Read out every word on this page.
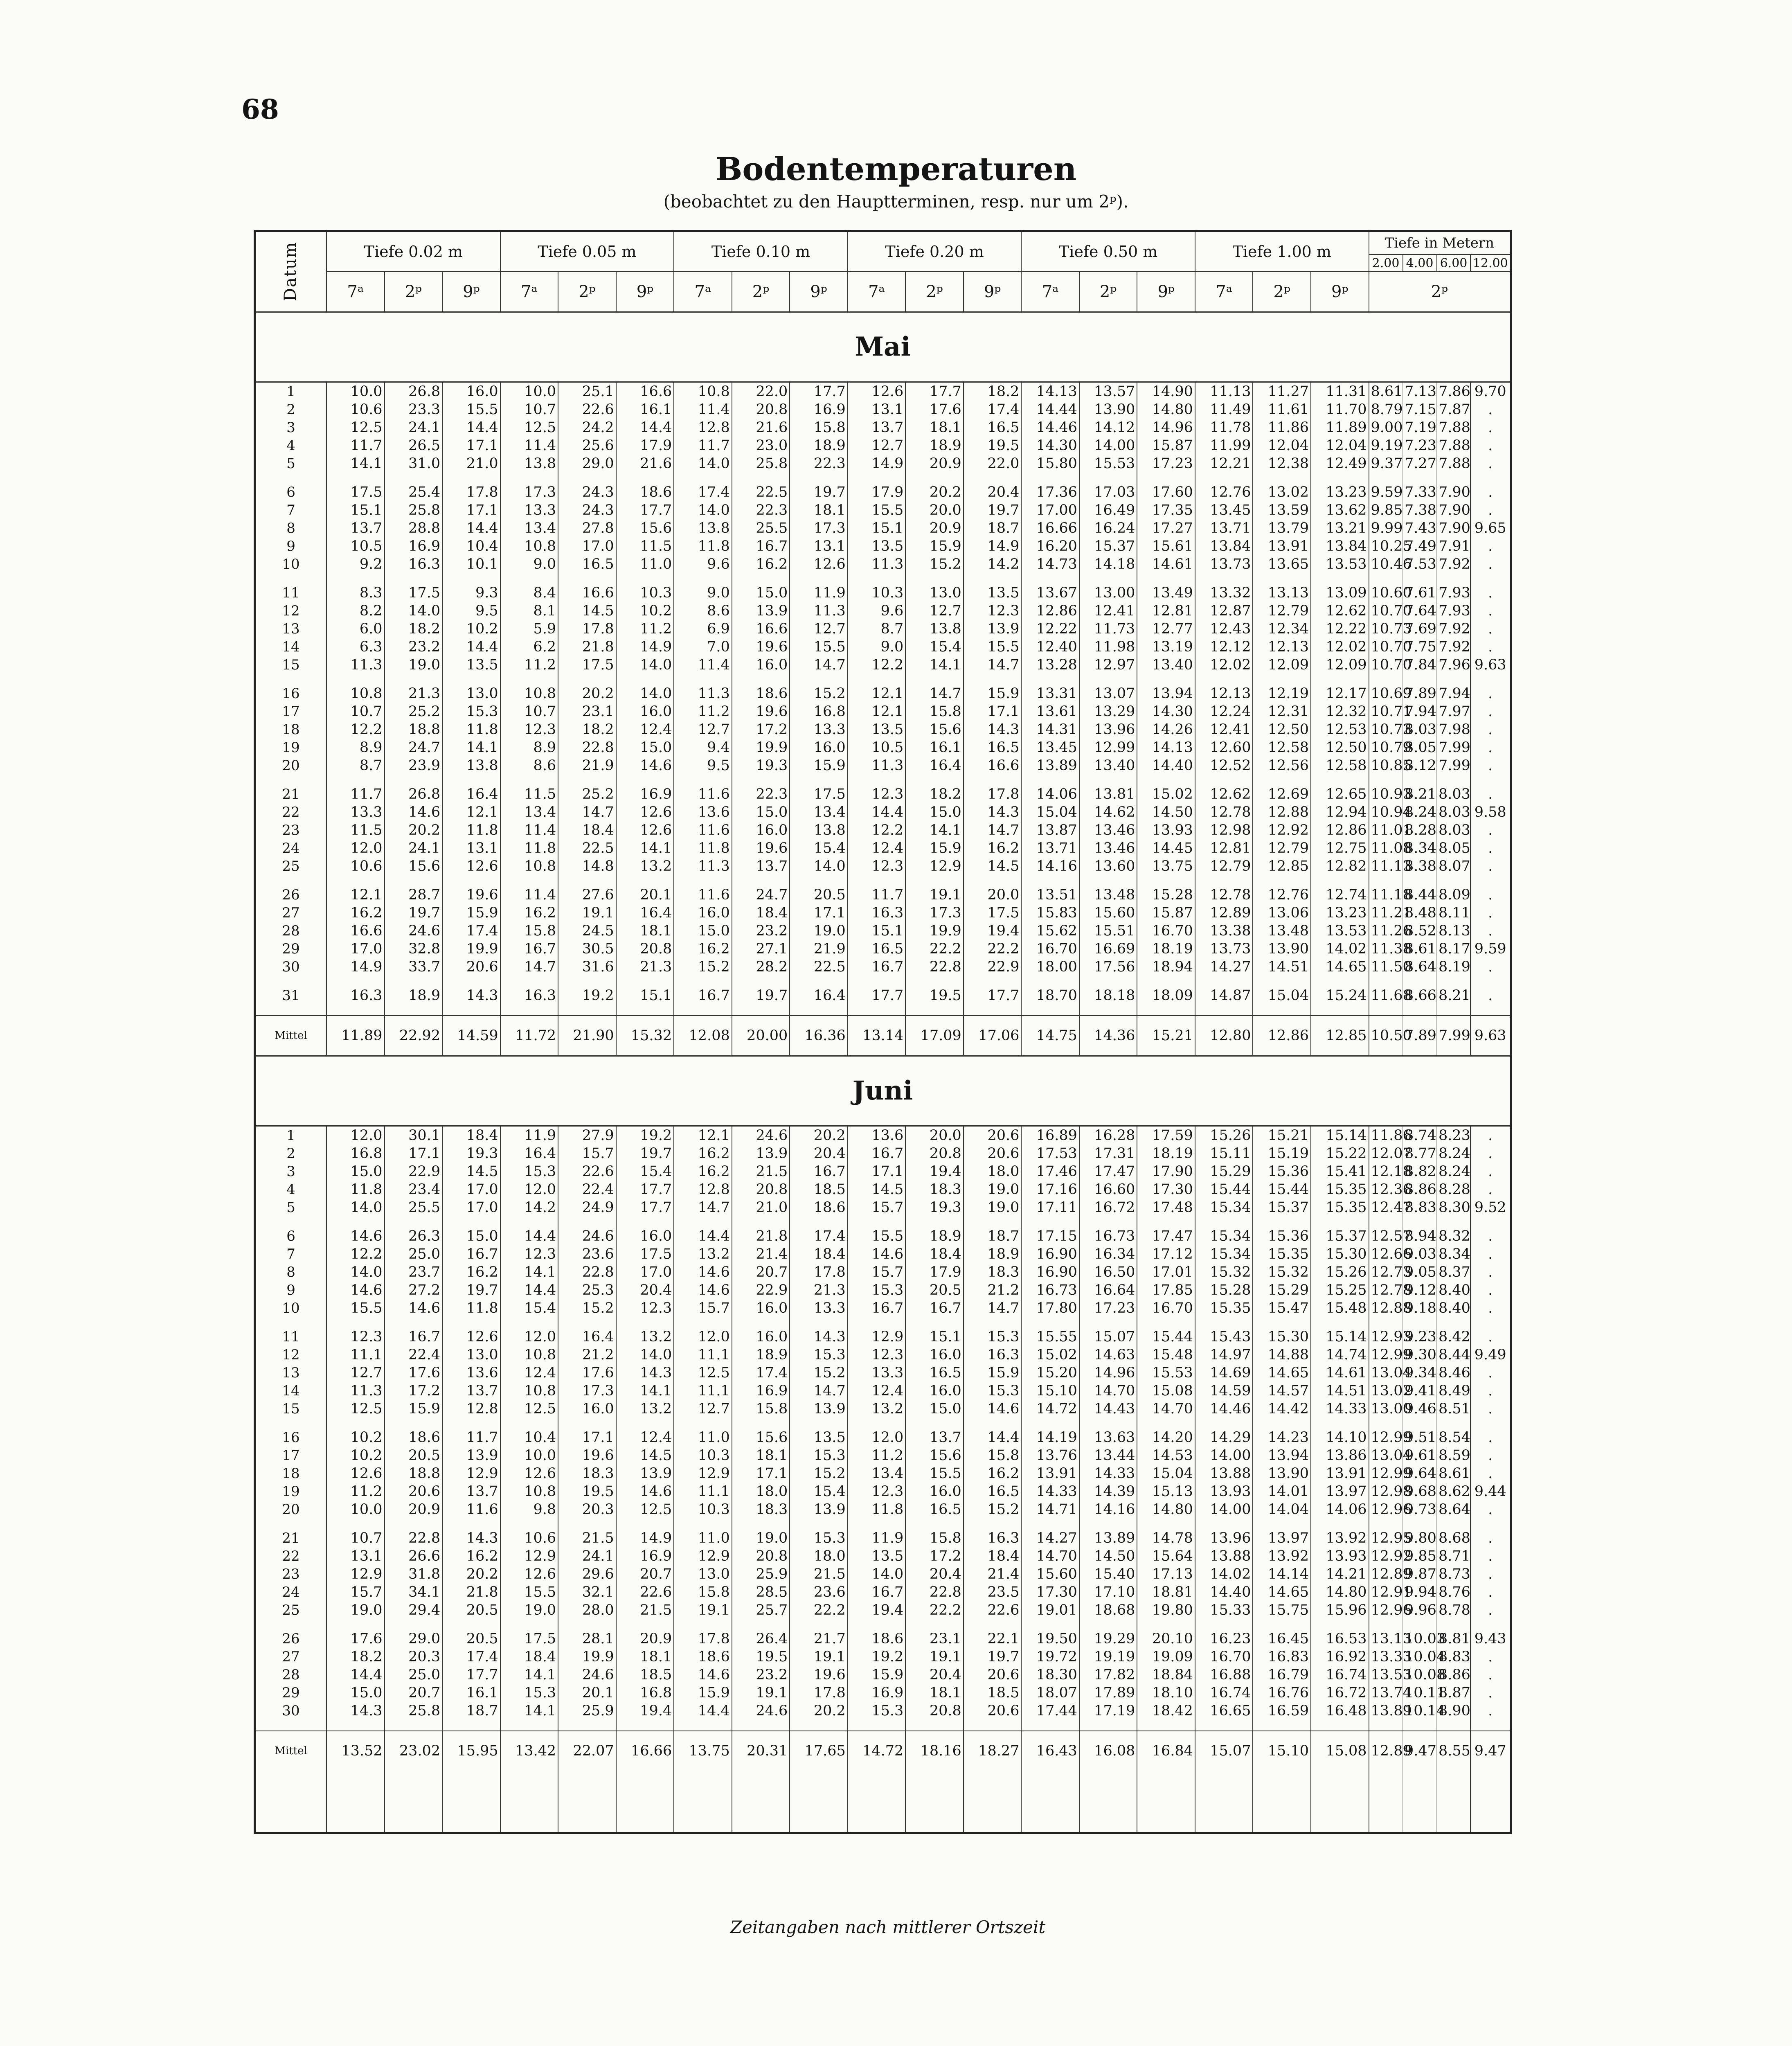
68
Bodentemperaturen
(beobachtet zu den Hauptterminen, resp. nur um 2ᵖ).
Datum	Tiefe 0.02 m			Tiefe 0.05 m			Tiefe 0.10 m			Tiefe 0.20 m			Tiefe 0.50 m			Tiefe 1.00 m			Tiefe in Metern			
																			2.00	4.00	6.00	12.00
	7ᵃ	2ᵖ	9ᵖ	7ᵃ	2ᵖ	9ᵖ	7ᵃ	2ᵖ	9ᵖ	7ᵃ	2ᵖ	9ᵖ	7ᵃ	2ᵖ	9ᵖ	7ᵃ	2ᵖ	9ᵖ	2ᵖ			
Mai																						
1	10.0	26.8	16.0	10.0	25.1	16.6	10.8	22.0	17.7	12.6	17.7	18.2	14.13	13.57	14.90	11.13	11.27	11.31	8.61	7.13	7.86	9.70
2	10.6	23.3	15.5	10.7	22.6	16.1	11.4	20.8	16.9	13.1	17.6	17.4	14.44	13.90	14.80	11.49	11.61	11.70	8.79	7.15	7.87	.
3	12.5	24.1	14.4	12.5	24.2	14.4	12.8	21.6	15.8	13.7	18.1	16.5	14.46	14.12	14.96	11.78	11.86	11.89	9.00	7.19	7.88	.
4	11.7	26.5	17.1	11.4	25.6	17.9	11.7	23.0	18.9	12.7	18.9	19.5	14.30	14.00	15.87	11.99	12.04	12.04	9.19	7.23	7.88	.
5	14.1	31.0	21.0	13.8	29.0	21.6	14.0	25.8	22.3	14.9	20.9	22.0	15.80	15.53	17.23	12.21	12.38	12.49	9.37	7.27	7.88	.

6	17.5	25.4	17.8	17.3	24.3	18.6	17.4	22.5	19.7	17.9	20.2	20.4	17.36	17.03	17.60	12.76	13.02	13.23	9.59	7.33	7.90	.
7	15.1	25.8	17.1	13.3	24.3	17.7	14.0	22.3	18.1	15.5	20.0	19.7	17.00	16.49	17.35	13.45	13.59	13.62	9.85	7.38	7.90	.
8	13.7	28.8	14.4	13.4	27.8	15.6	13.8	25.5	17.3	15.1	20.9	18.7	16.66	16.24	17.27	13.71	13.79	13.21	9.99	7.43	7.90	9.65
9	10.5	16.9	10.4	10.8	17.0	11.5	11.8	16.7	13.1	13.5	15.9	14.9	16.20	15.37	15.61	13.84	13.91	13.84	10.25	7.49	7.91	.
10	9.2	16.3	10.1	9.0	16.5	11.0	9.6	16.2	12.6	11.3	15.2	14.2	14.73	14.18	14.61	13.73	13.65	13.53	10.46	7.53	7.92	.

11	8.3	17.5	9.3	8.4	16.6	10.3	9.0	15.0	11.9	10.3	13.0	13.5	13.67	13.00	13.49	13.32	13.13	13.09	10.60	7.61	7.93	.
12	8.2	14.0	9.5	8.1	14.5	10.2	8.6	13.9	11.3	9.6	12.7	12.3	12.86	12.41	12.81	12.87	12.79	12.62	10.70	7.64	7.93	.
13	6.0	18.2	10.2	5.9	17.8	11.2	6.9	16.6	12.7	8.7	13.8	13.9	12.22	11.73	12.77	12.43	12.34	12.22	10.73	7.69	7.92	.
14	6.3	23.2	14.4	6.2	21.8	14.9	7.0	19.6	15.5	9.0	15.4	15.5	12.40	11.98	13.19	12.12	12.13	12.02	10.70	7.75	7.92	.
15	11.3	19.0	13.5	11.2	17.5	14.0	11.4	16.0	14.7	12.2	14.1	14.7	13.28	12.97	13.40	12.02	12.09	12.09	10.70	7.84	7.96	9.63

16	10.8	21.3	13.0	10.8	20.2	14.0	11.3	18.6	15.2	12.1	14.7	15.9	13.31	13.07	13.94	12.13	12.19	12.17	10.69	7.89	7.94	.
17	10.7	25.2	15.3	10.7	23.1	16.0	11.2	19.6	16.8	12.1	15.8	17.1	13.61	13.29	14.30	12.24	12.31	12.32	10.71	7.94	7.97	.
18	12.2	18.8	11.8	12.3	18.2	12.4	12.7	17.2	13.3	13.5	15.6	14.3	14.31	13.96	14.26	12.41	12.50	12.53	10.73	8.03	7.98	.
19	8.9	24.7	14.1	8.9	22.8	15.0	9.4	19.9	16.0	10.5	16.1	16.5	13.45	12.99	14.13	12.60	12.58	12.50	10.79	8.05	7.99	.
20	8.7	23.9	13.8	8.6	21.9	14.6	9.5	19.3	15.9	11.3	16.4	16.6	13.89	13.40	14.40	12.52	12.56	12.58	10.85	8.12	7.99	.

21	11.7	26.8	16.4	11.5	25.2	16.9	11.6	22.3	17.5	12.3	18.2	17.8	14.06	13.81	15.02	12.62	12.69	12.65	10.93	8.21	8.03	.
22	13.3	14.6	12.1	13.4	14.7	12.6	13.6	15.0	13.4	14.4	15.0	14.3	15.04	14.62	14.50	12.78	12.88	12.94	10.94	8.24	8.03	9.58
23	11.5	20.2	11.8	11.4	18.4	12.6	11.6	16.0	13.8	12.2	14.1	14.7	13.87	13.46	13.93	12.98	12.92	12.86	11.01	8.28	8.03	.
24	12.0	24.1	13.1	11.8	22.5	14.1	11.8	19.6	15.4	12.4	15.9	16.2	13.71	13.46	14.45	12.81	12.79	12.75	11.08	8.34	8.05	.
25	10.6	15.6	12.6	10.8	14.8	13.2	11.3	13.7	14.0	12.3	12.9	14.5	14.16	13.60	13.75	12.79	12.85	12.82	11.13	8.38	8.07	.

26	12.1	28.7	19.6	11.4	27.6	20.1	11.6	24.7	20.5	11.7	19.1	20.0	13.51	13.48	15.28	12.78	12.76	12.74	11.18	8.44	8.09	.
27	16.2	19.7	15.9	16.2	19.1	16.4	16.0	18.4	17.1	16.3	17.3	17.5	15.83	15.60	15.87	12.89	13.06	13.23	11.21	8.48	8.11	.
28	16.6	24.6	17.4	15.8	24.5	18.1	15.0	23.2	19.0	15.1	19.9	19.4	15.62	15.51	16.70	13.38	13.48	13.53	11.26	8.52	8.13	.
29	17.0	32.8	19.9	16.7	30.5	20.8	16.2	27.1	21.9	16.5	22.2	22.2	16.70	16.69	18.19	13.73	13.90	14.02	11.38	8.61	8.17	9.59
30	14.9	33.7	20.6	14.7	31.6	21.3	15.2	28.2	22.5	16.7	22.8	22.9	18.00	17.56	18.94	14.27	14.51	14.65	11.50	8.64	8.19	.

31	16.3	18.9	14.3	16.3	19.2	15.1	16.7	19.7	16.4	17.7	19.5	17.7	18.70	18.18	18.09	14.87	15.04	15.24	11.68	8.66	8.21	.

Mittel	11.89	22.92	14.59	11.72	21.90	15.32	12.08	20.00	16.36	13.14	17.09	17.06	14.75	14.36	15.21	12.80	12.86	12.85	10.50	7.89	7.99	9.63
Juni																						
1	12.0	30.1	18.4	11.9	27.9	19.2	12.1	24.6	20.2	13.6	20.0	20.6	16.89	16.28	17.59	15.26	15.21	15.14	11.86	8.74	8.23	.
2	16.8	17.1	19.3	16.4	15.7	19.7	16.2	13.9	20.4	16.7	20.8	20.6	17.53	17.31	18.19	15.11	15.19	15.22	12.07	8.77	8.24	.
3	15.0	22.9	14.5	15.3	22.6	15.4	16.2	21.5	16.7	17.1	19.4	18.0	17.46	17.47	17.90	15.29	15.36	15.41	12.18	8.82	8.24	.
4	11.8	23.4	17.0	12.0	22.4	17.7	12.8	20.8	18.5	14.5	18.3	19.0	17.16	16.60	17.30	15.44	15.44	15.35	12.36	8.86	8.28	.
5	14.0	25.5	17.0	14.2	24.9	17.7	14.7	21.0	18.6	15.7	19.3	19.0	17.11	16.72	17.48	15.34	15.37	15.35	12.47	8.83	8.30	9.52

6	14.6	26.3	15.0	14.4	24.6	16.0	14.4	21.8	17.4	15.5	18.9	18.7	17.15	16.73	17.47	15.34	15.36	15.37	12.57	8.94	8.32	.
7	12.2	25.0	16.7	12.3	23.6	17.5	13.2	21.4	18.4	14.6	18.4	18.9	16.90	16.34	17.12	15.34	15.35	15.30	12.66	9.03	8.34	.
8	14.0	23.7	16.2	14.1	22.8	17.0	14.6	20.7	17.8	15.7	17.9	18.3	16.90	16.50	17.01	15.32	15.32	15.26	12.73	9.05	8.37	.
9	14.6	27.2	19.7	14.4	25.3	20.4	14.6	22.9	21.3	15.3	20.5	21.2	16.73	16.64	17.85	15.28	15.29	15.25	12.78	9.12	8.40	.
10	15.5	14.6	11.8	15.4	15.2	12.3	15.7	16.0	13.3	16.7	16.7	14.7	17.80	17.23	16.70	15.35	15.47	15.48	12.88	9.18	8.40	.

11	12.3	16.7	12.6	12.0	16.4	13.2	12.0	16.0	14.3	12.9	15.1	15.3	15.55	15.07	15.44	15.43	15.30	15.14	12.93	9.23	8.42	.
12	11.1	22.4	13.0	10.8	21.2	14.0	11.1	18.9	15.3	12.3	16.0	16.3	15.02	14.63	15.48	14.97	14.88	14.74	12.99	9.30	8.44	9.49
13	12.7	17.6	13.6	12.4	17.6	14.3	12.5	17.4	15.2	13.3	16.5	15.9	15.20	14.96	15.53	14.69	14.65	14.61	13.04	9.34	8.46	.
14	11.3	17.2	13.7	10.8	17.3	14.1	11.1	16.9	14.7	12.4	16.0	15.3	15.10	14.70	15.08	14.59	14.57	14.51	13.02	9.41	8.49	.
15	12.5	15.9	12.8	12.5	16.0	13.2	12.7	15.8	13.9	13.2	15.0	14.6	14.72	14.43	14.70	14.46	14.42	14.33	13.00	9.46	8.51	.

16	10.2	18.6	11.7	10.4	17.1	12.4	11.0	15.6	13.5	12.0	13.7	14.4	14.19	13.63	14.20	14.29	14.23	14.10	12.99	9.51	8.54	.
17	10.2	20.5	13.9	10.0	19.6	14.5	10.3	18.1	15.3	11.2	15.6	15.8	13.76	13.44	14.53	14.00	13.94	13.86	13.04	9.61	8.59	.
18	12.6	18.8	12.9	12.6	18.3	13.9	12.9	17.1	15.2	13.4	15.5	16.2	13.91	14.33	15.04	13.88	13.90	13.91	12.99	9.64	8.61	.
19	11.2	20.6	13.7	10.8	19.5	14.6	11.1	18.0	15.4	12.3	16.0	16.5	14.33	14.39	15.13	13.93	14.01	13.97	12.98	9.68	8.62	9.44
20	10.0	20.9	11.6	9.8	20.3	12.5	10.3	18.3	13.9	11.8	16.5	15.2	14.71	14.16	14.80	14.00	14.04	14.06	12.96	9.73	8.64	.

21	10.7	22.8	14.3	10.6	21.5	14.9	11.0	19.0	15.3	11.9	15.8	16.3	14.27	13.89	14.78	13.96	13.97	13.92	12.95	9.80	8.68	.
22	13.1	26.6	16.2	12.9	24.1	16.9	12.9	20.8	18.0	13.5	17.2	18.4	14.70	14.50	15.64	13.88	13.92	13.93	12.92	9.85	8.71	.
23	12.9	31.8	20.2	12.6	29.6	20.7	13.0	25.9	21.5	14.0	20.4	21.4	15.60	15.40	17.13	14.02	14.14	14.21	12.89	9.87	8.73	.
24	15.7	34.1	21.8	15.5	32.1	22.6	15.8	28.5	23.6	16.7	22.8	23.5	17.30	17.10	18.81	14.40	14.65	14.80	12.91	9.94	8.76	.
25	19.0	29.4	20.5	19.0	28.0	21.5	19.1	25.7	22.2	19.4	22.2	22.6	19.01	18.68	19.80	15.33	15.75	15.96	12.96	9.96	8.78	.

26	17.6	29.0	20.5	17.5	28.1	20.9	17.8	26.4	21.7	18.6	23.1	22.1	19.50	19.29	20.10	16.23	16.45	16.53	13.13	10.03	8.81	9.43
27	18.2	20.3	17.4	18.4	19.9	18.1	18.6	19.5	19.1	19.2	19.1	19.7	19.72	19.19	19.09	16.70	16.83	16.92	13.33	10.04	8.83	.
28	14.4	25.0	17.7	14.1	24.6	18.5	14.6	23.2	19.6	15.9	20.4	20.6	18.30	17.82	18.84	16.88	16.79	16.74	13.53	10.08	8.86	.
29	15.0	20.7	16.1	15.3	20.1	16.8	15.9	19.1	17.8	16.9	18.1	18.5	18.07	17.89	18.10	16.74	16.76	16.72	13.74	10.11	8.87	.
30	14.3	25.8	18.7	14.1	25.9	19.4	14.4	24.6	20.2	15.3	20.8	20.6	17.44	17.19	18.42	16.65	16.59	16.48	13.89	10.14	8.90	.

Mittel	13.52	23.02	15.95	13.42	22.07	16.66	13.75	20.31	17.65	14.72	18.16	18.27	16.43	16.08	16.84	15.07	15.10	15.08	12.89	9.47	8.55	9.47

Zeitangaben nach mittlerer Ortszeit
